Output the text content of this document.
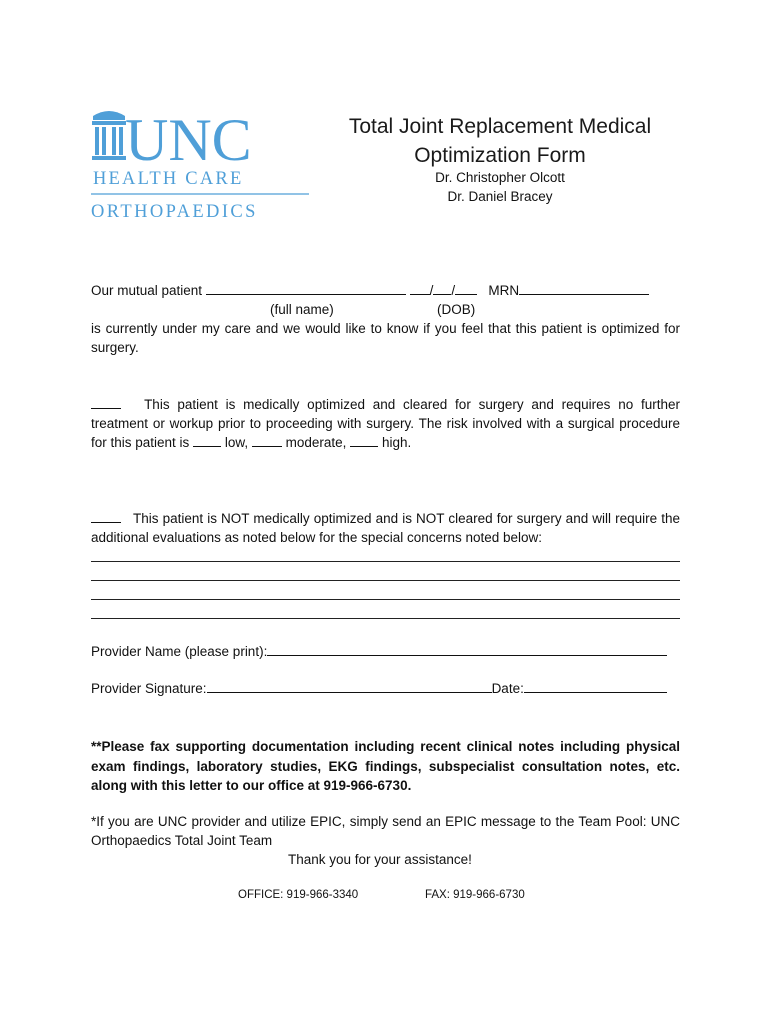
UNC
HEALTH CARE
ORTHOPAEDICS
Total Joint Replacement Medical
Optimization Form
Dr. Christopher Olcott
Dr. Daniel Bracey
Our mutual patient	/ / MRN
(full name)	(DOB)
is currently under my care and we would like to know if you feel that this patient is optimized for surgery.
This patient is medically optimized and cleared for surgery and requires no further treatment or workup prior to proceeding with surgery. The risk involved with a surgical procedure for this patient is	low,	moderate,	high.
This patient is NOT medically optimized and is NOT cleared for surgery and will require the additional evaluations as noted below for the special concerns noted below:
Provider Name (please print):
Provider Signature:	Date:
**Please fax supporting documentation including recent clinical notes including physical exam findings, laboratory studies, EKG findings, subspecialist consultation notes, etc. along with this letter to our office at 919-966-6730.
*If you are UNC provider and utilize EPIC, simply send an EPIC message to the Team Pool: UNC Orthopaedics Total Joint Team
Thank you for your assistance!
OFFICE: 919-966-3340	FAX: 919-966-6730
